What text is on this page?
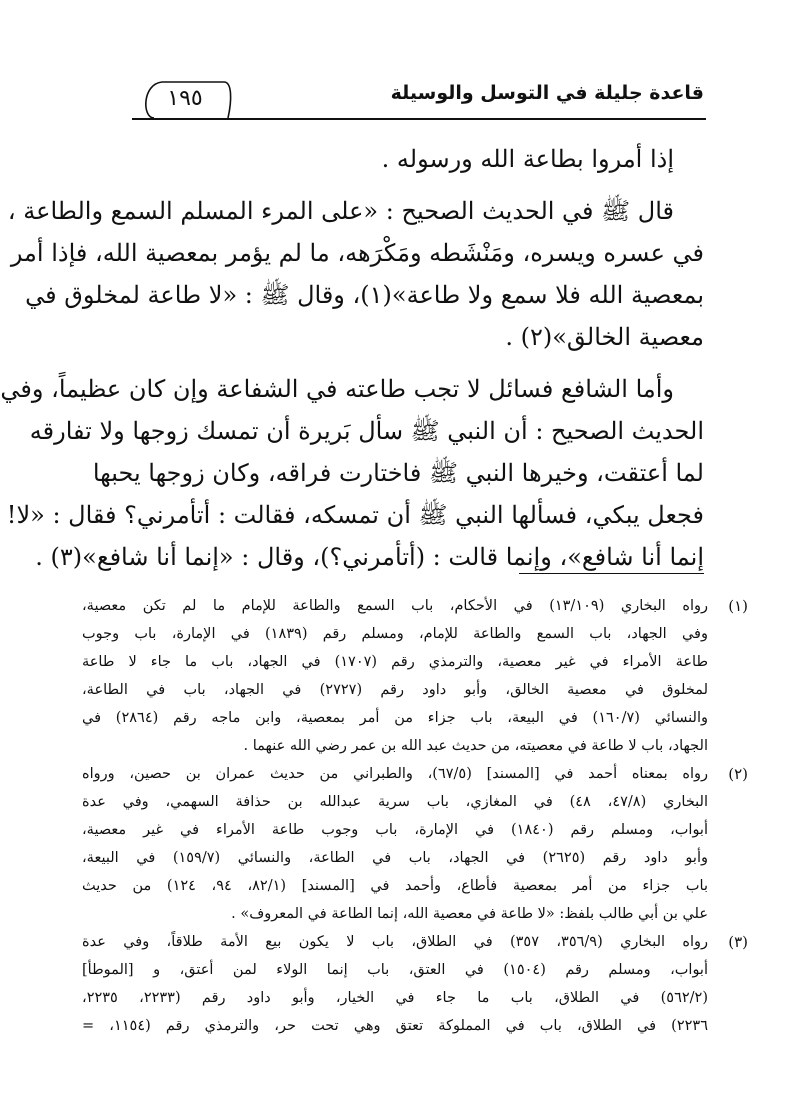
قاعدة جليلة في التوسل والوسيلة
١٩٥
إذا أمروا بطاعة الله ورسوله .
قال ﷺ في الحديث الصحيح : «على المرء المسلم السمع والطاعة ،
في عسره ويسره، ومَنْشَطه ومَكْرَهه، ما لم يؤمر بمعصية الله، فإذا أمر
بمعصية الله فلا سمع ولا طاعة»(١)، وقال ﷺ : «لا طاعة لمخلوق في
معصية الخالق»(٢) .
وأما الشافع فسائل لا تجب طاعته في الشفاعة وإن كان عظيماً، وفي
الحديث الصحيح : أن النبي ﷺ سأل بَريرة أن تمسك زوجها ولا تفارقه
لما أعتقت، وخيرها النبي ﷺ فاختارت فراقه، وكان زوجها يحبها
فجعل يبكي، فسألها النبي ﷺ أن تمسكه، فقالت : أتأمرني؟ فقال : «لا!
إنما أنا شافع»، وإنما قالت : (أتأمرني؟)، وقال : «إنما أنا شافع»(٣) .
(١)
رواه البخاري (١٣/١٠٩) في الأحكام، باب السمع والطاعة للإمام ما لم تكن معصية،
وفي الجهاد، باب السمع والطاعة للإمام، ومسلم رقم (١٨٣٩) في الإمارة، باب وجوب
طاعة الأمراء في غير معصية، والترمذي رقم (١٧٠٧) في الجهاد، باب ما جاء لا طاعة
لمخلوق في معصية الخالق، وأبو داود رقم (٢٧٢٧) في الجهاد، باب في الطاعة،
والنسائي (١٦٠/٧) في البيعة، باب جزاء من أمر بمعصية، وابن ماجه رقم (٢٨٦٤) في
الجهاد، باب لا طاعة في معصيته، من حديث عبد الله بن عمر رضي الله عنهما .
(٢)
رواه بمعناه أحمد في [المسند] (٦٧/٥)، والطبراني من حديث عمران بن حصين، ورواه
البخاري (٤٧/٨، ٤٨) في المغازي، باب سرية عبدالله بن حذافة السهمي، وفي عدة
أبواب، ومسلم رقم (١٨٤٠) في الإمارة، باب وجوب طاعة الأمراء في غير معصية،
وأبو داود رقم (٢٦٢٥) في الجهاد، باب في الطاعة، والنسائي (١٥٩/٧) في البيعة،
باب جزاء من أمر بمعصية فأطاع، وأحمد في [المسند] (٨٢/١، ٩٤، ١٢٤) من حديث
علي بن أبي طالب بلفظ: «لا طاعة في معصية الله، إنما الطاعة في المعروف» .
(٣)
رواه البخاري (٣٥٦/٩، ٣٥٧) في الطلاق، باب لا يكون بيع الأمة طلاقاً، وفي عدة
أبواب، ومسلم رقم (١٥٠٤) في العتق، باب إنما الولاء لمن أعتق، و [الموطأ]
(٥٦٢/٢) في الطلاق، باب ما جاء في الخيار، وأبو داود رقم (٢٢٣٣، ٢٢٣٥،
٢٢٣٦) في الطلاق، باب في المملوكة تعتق وهي تحت حر، والترمذي رقم (١١٥٤، =
